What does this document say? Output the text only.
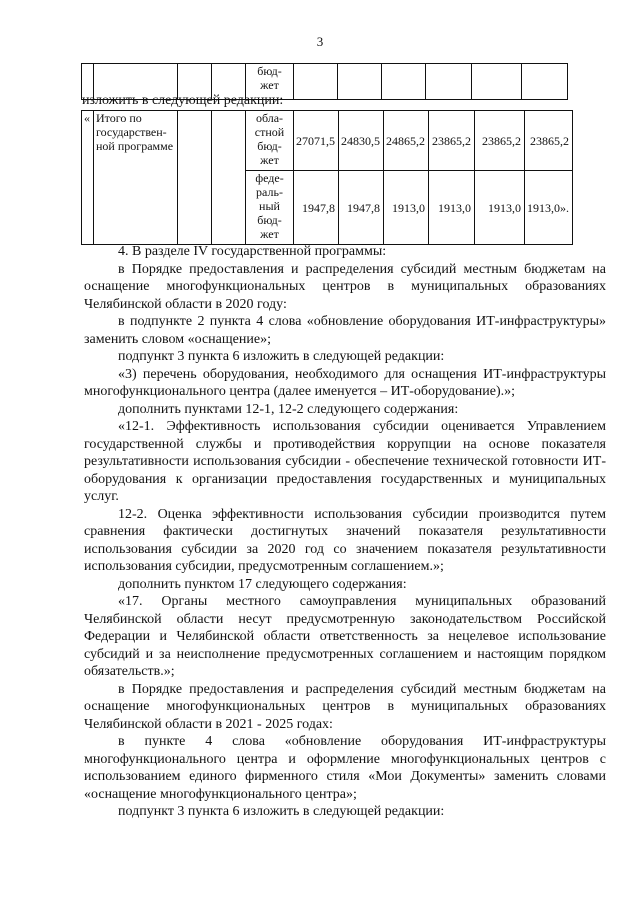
3
				бюд-
жет						
изложить в следующей редакции:
«	Итого по государствен-ной программе			обла-стной бюд-жет	27071,5	24830,5	24865,2	23865,2	23865,2	23865,2
				феде-раль-ный бюд-жет	1947,8	1947,8	1913,0	1913,0	1913,0	1913,0».

4. В разделе IV государственной программы:

в Порядке предоставления и распределения субсидий местным бюджетам на оснащение многофункциональных центров в муниципальных образованиях Челябинской области в 2020 году:

в подпункте 2 пункта 4 слова «обновление оборудования ИТ-инфраструктуры» заменить словом «оснащение»;

подпункт 3 пункта 6 изложить в следующей редакции:

«3) перечень оборудования, необходимого для оснащения ИТ-инфраструктуры многофункционального центра (далее именуется – ИТ-оборудование).»;

дополнить пунктами 12-1, 12-2 следующего содержания:

«12-1. Эффективность использования субсидии оценивается Управлением государственной службы и противодействия коррупции на основе показателя результативности использования субсидии - обеспечение технической готовности ИТ-оборудования к организации предоставления государственных и муниципальных услуг.

12-2. Оценка эффективности использования субсидии производится путем сравнения фактически достигнутых значений показателя результативности использования субсидии за 2020 год со значением показателя результативности использования субсидии, предусмотренным соглашением.»;

дополнить пунктом 17 следующего содержания:

«17. Органы местного самоуправления муниципальных образований Челябинской области несут предусмотренную законодательством Российской Федерации и Челябинской области ответственность за нецелевое использование субсидий и за неисполнение предусмотренных соглашением и настоящим порядком обязательств.»;

в Порядке предоставления и распределения субсидий местным бюджетам на оснащение многофункциональных центров в муниципальных образованиях Челябинской области в 2021 - 2025 годах:

в пункте 4 слова «обновление оборудования ИТ-инфраструктуры многофункционального центра и оформление многофункциональных центров с использованием единого фирменного стиля «Мои Документы» заменить словами «оснащение многофункционального центра»;

подпункт 3 пункта 6 изложить в следующей редакции:
